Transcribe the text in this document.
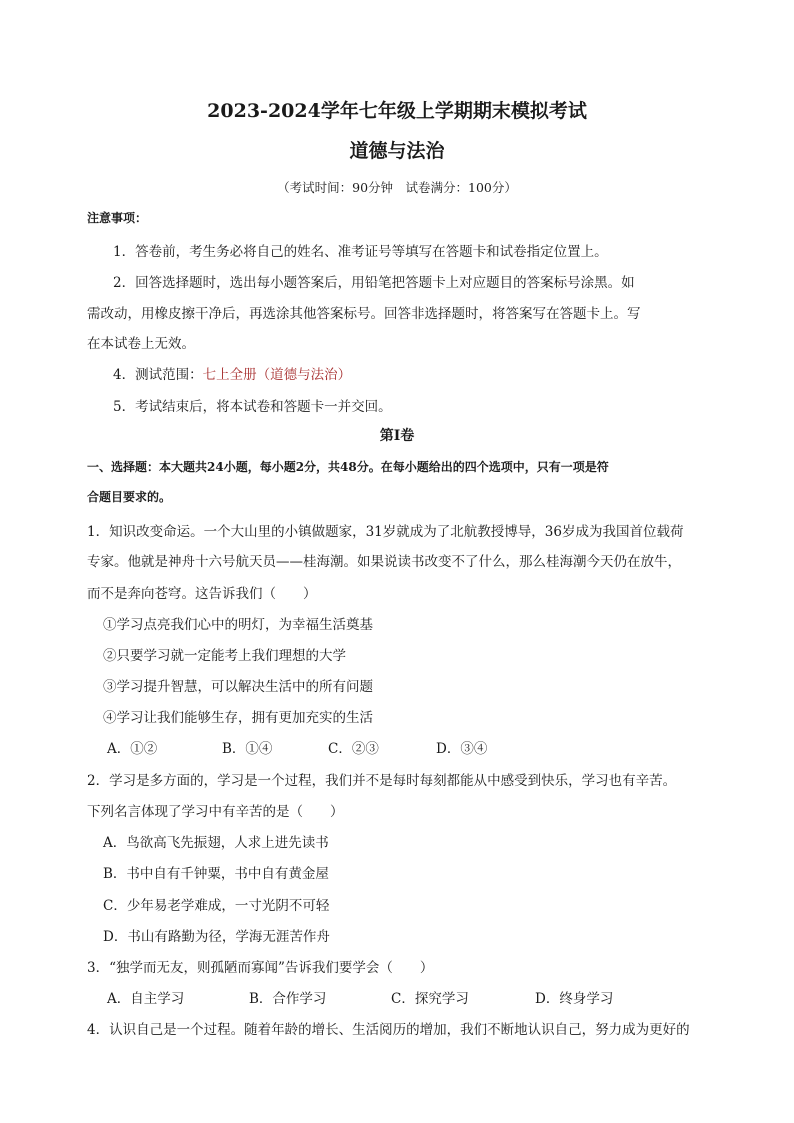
2023-2024学年七年级上学期期末模拟考试
道德与法治
（考试时间：90分钟　试卷满分：100分）
注意事项：
1．答卷前，考生务必将自己的姓名、准考证号等填写在答题卡和试卷指定位置上。
2．回答选择题时，选出每小题答案后，用铅笔把答题卡上对应题目的答案标号涂黑。如
需改动，用橡皮擦干净后，再选涂其他答案标号。回答非选择题时，将答案写在答题卡上。写
在本试卷上无效。
4．测试范围：七上全册（道德与法治）
5．考试结束后，将本试卷和答题卡一并交回。
第Ⅰ卷
一、选择题：本大题共24小题，每小题2分，共48分。在每小题给出的四个选项中，只有一项是符
合题目要求的。
1．知识改变命运。一个大山里的小镇做题家，31岁就成为了北航教授博导，36岁成为我国首位载荷
专家。他就是神舟十六号航天员——桂海潮。如果说读书改变不了什么，那么桂海潮今天仍在放牛，
而不是奔向苍穹。这告诉我们（　　）
①学习点亮我们心中的明灯，为幸福生活奠基
②只要学习就一定能考上我们理想的大学
③学习提升智慧，可以解决生活中的所有问题
④学习让我们能够生存，拥有更加充实的生活
A．①②	B．①④	C．②③	D．③④
2．学习是多方面的，学习是一个过程，我们并不是每时每刻都能从中感受到快乐，学习也有辛苦。
下列名言体现了学习中有辛苦的是（　　）
A．鸟欲高飞先振翅，人求上进先读书
B．书中自有千钟粟，书中自有黄金屋
C．少年易老学难成，一寸光阴不可轻
D．书山有路勤为径，学海无涯苦作舟
3．“独学而无友，则孤陋而寡闻”告诉我们要学会（　　）
A．自主学习	B．合作学习	C．探究学习	D．终身学习
4．认识自己是一个过程。随着年龄的增长、生活阅历的增加，我们不断地认识自己，努力成为更好的
